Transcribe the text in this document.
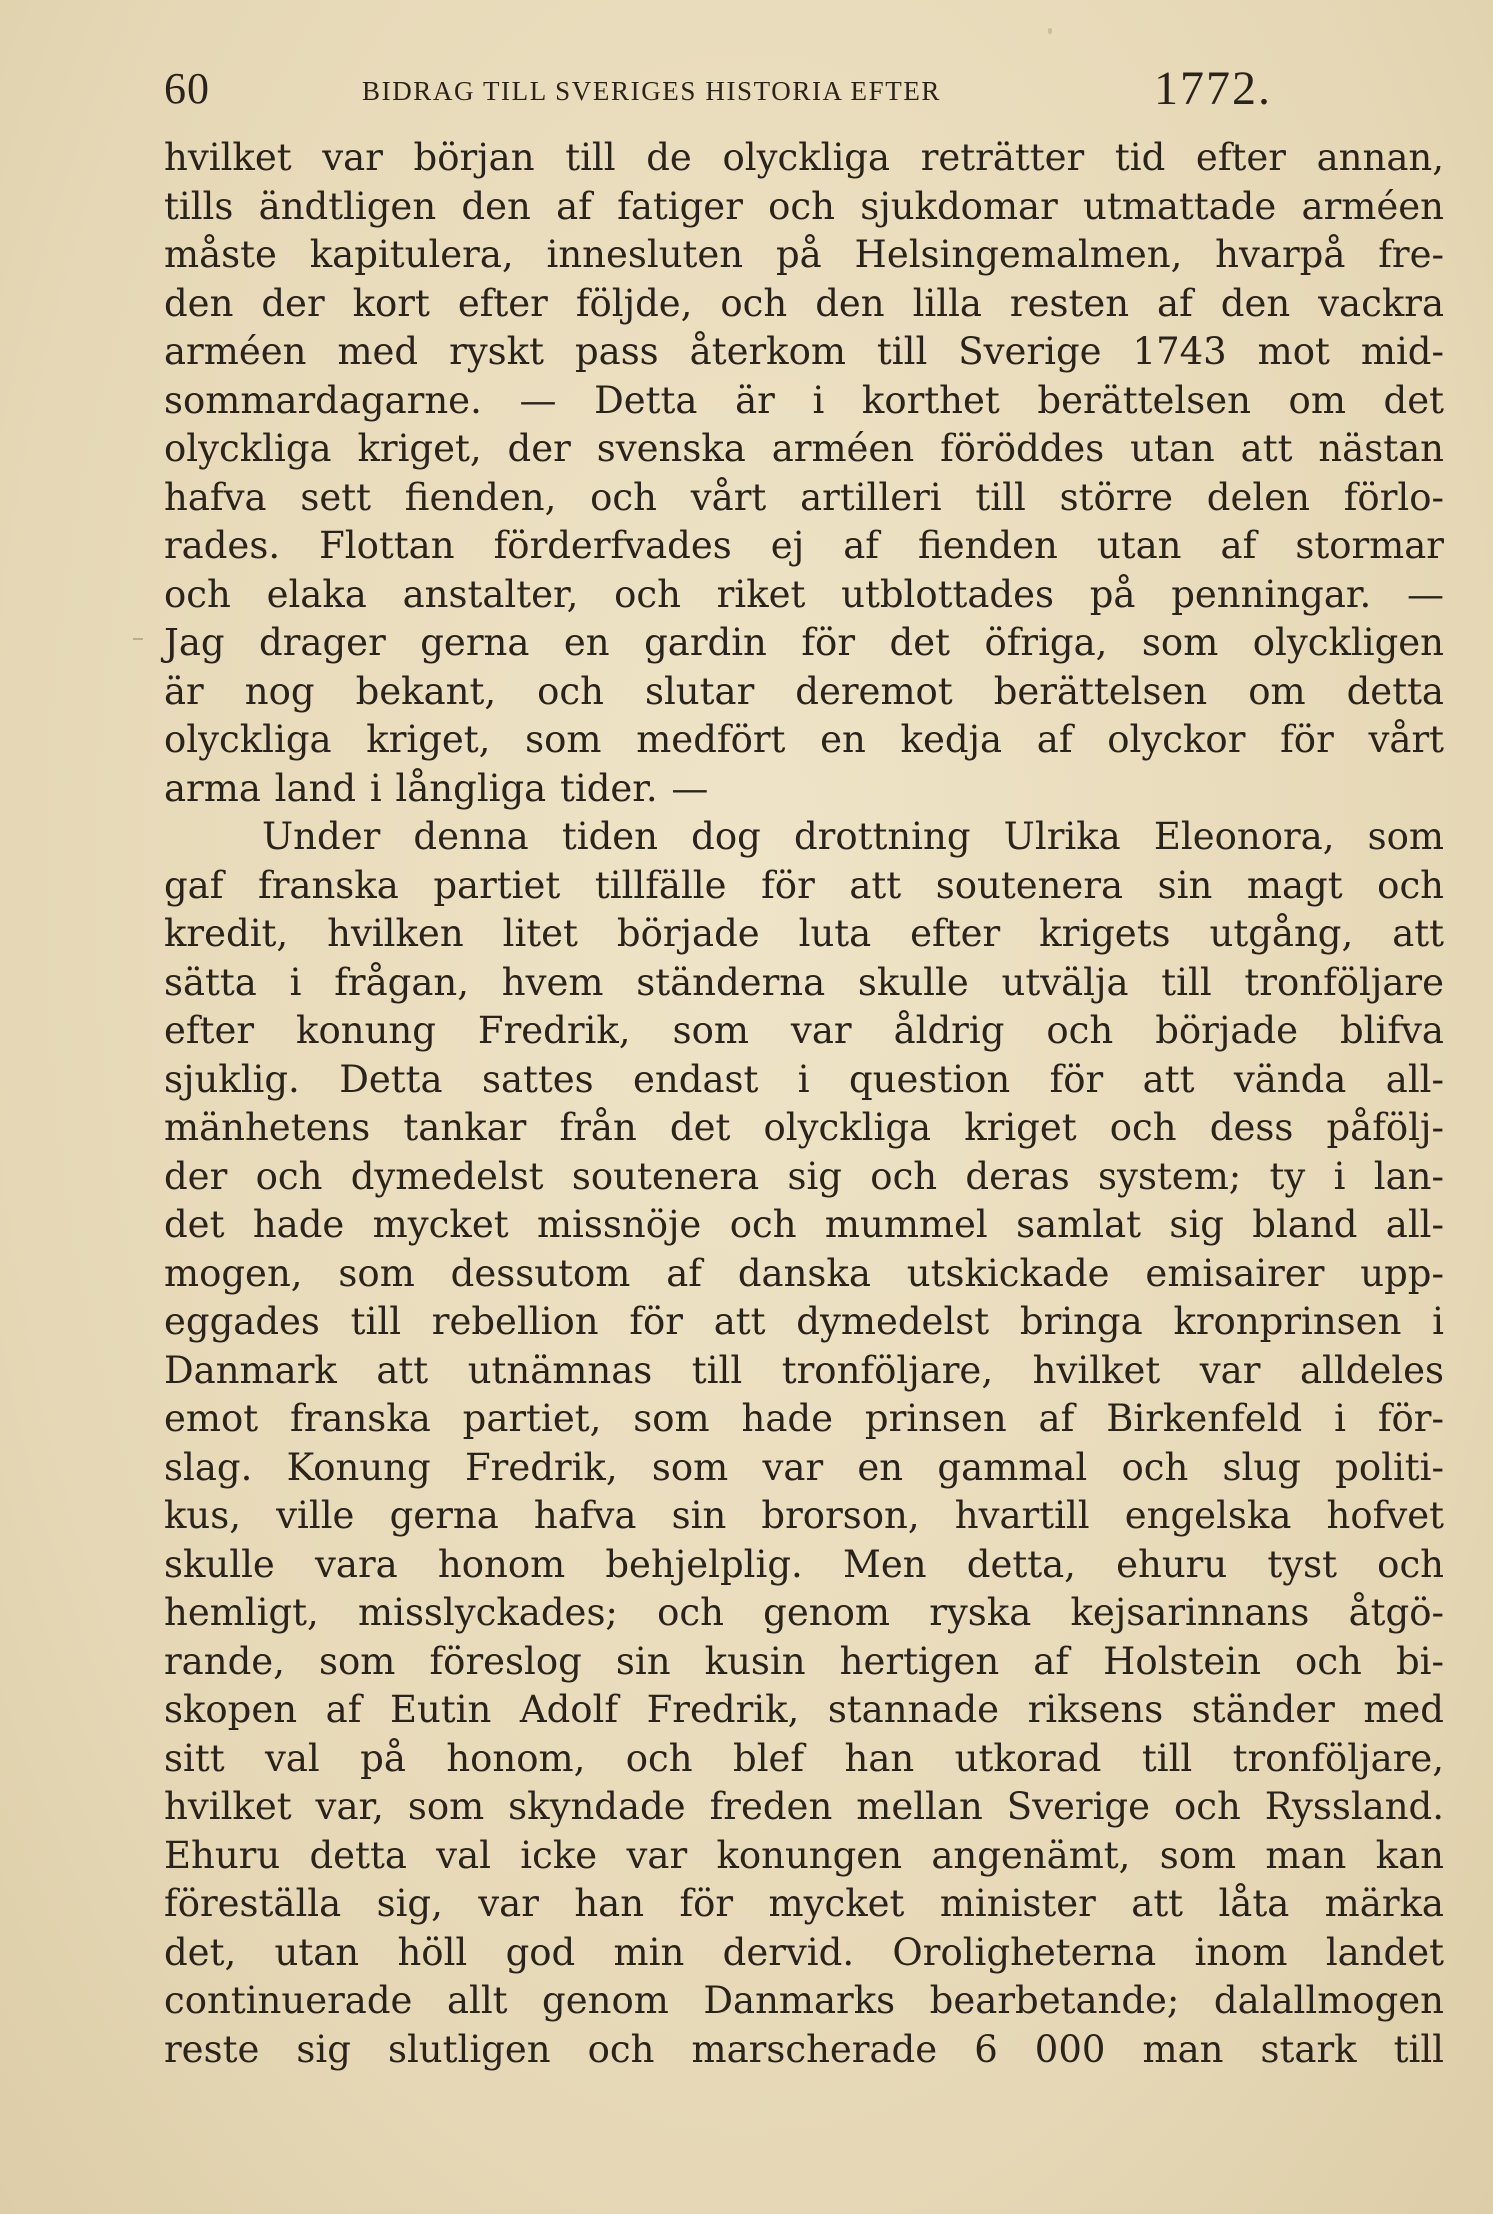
60	BIDRAG TILL SVERIGES HISTORIA EFTER	1772.
hvilket var början till de olyckliga reträtter tid efter annan,
tills ändtligen den af fatiger och sjukdomar utmattade arméen
måste kapitulera, innesluten på Helsingemalmen, hvarpå fre-
den der kort efter följde, och den lilla resten af den vackra
arméen med ryskt pass återkom till Sverige 1743 mot mid-
sommardagarne. — Detta är i korthet berättelsen om det
olyckliga kriget, der svenska arméen föröddes utan att nästan
hafva sett fienden, och vårt artilleri till större delen förlo-
rades. Flottan förderfvades ej af fienden utan af stormar
och elaka anstalter, och riket utblottades på penningar. —
Jag drager gerna en gardin för det öfriga, som olyckligen
är nog bekant, och slutar deremot berättelsen om detta
olyckliga kriget, som medfört en kedja af olyckor för vårt
arma land i långliga tider. —
Under denna tiden dog drottning Ulrika Eleonora, som
gaf franska partiet tillfälle för att soutenera sin magt och
kredit, hvilken litet började luta efter krigets utgång, att
sätta i frågan, hvem ständerna skulle utvälja till tronföljare
efter konung Fredrik, som var åldrig och började blifva
sjuklig. Detta sattes endast i question för att vända all-
mänhetens tankar från det olyckliga kriget och dess påfölj-
der och dymedelst soutenera sig och deras system; ty i lan-
det hade mycket missnöje och mummel samlat sig bland all-
mogen, som dessutom af danska utskickade emisairer upp-
eggades till rebellion för att dymedelst bringa kronprinsen i
Danmark att utnämnas till tronföljare, hvilket var alldeles
emot franska partiet, som hade prinsen af Birkenfeld i för-
slag. Konung Fredrik, som var en gammal och slug politi-
kus, ville gerna hafva sin brorson, hvartill engelska hofvet
skulle vara honom behjelplig. Men detta, ehuru tyst och
hemligt, misslyckades; och genom ryska kejsarinnans åtgö-
rande, som föreslog sin kusin hertigen af Holstein och bi-
skopen af Eutin Adolf Fredrik, stannade riksens ständer med
sitt val på honom, och blef han utkorad till tronföljare,
hvilket var, som skyndade freden mellan Sverige och Ryssland.
Ehuru detta val icke var konungen angenämt, som man kan
föreställa sig, var han för mycket minister att låta märka
det, utan höll god min dervid. Oroligheterna inom landet
continuerade allt genom Danmarks bearbetande; dalallmogen
reste sig slutligen och marscherade 6 000 man stark till
